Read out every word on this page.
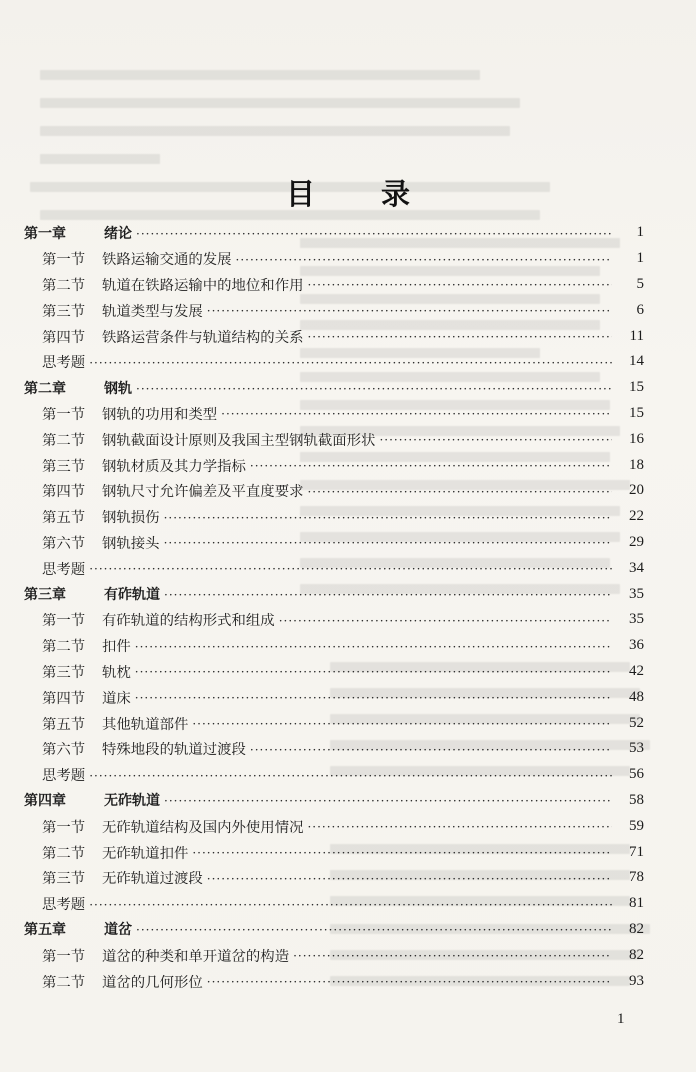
目 录
第一章	绪论 ·····	1
第一节	铁路运输交通的发展 ·····	1
第二节	轨道在铁路运输中的地位和作用 ·····	5
第三节	轨道类型与发展 ·····	6
第四节	铁路运营条件与轨道结构的关系 ·····	11
思考题 ·····	14
第二章	钢轨 ·····	15
第一节	钢轨的功用和类型 ·····	15
第二节	钢轨截面设计原则及我国主型钢轨截面形状 ·····	16
第三节	钢轨材质及其力学指标 ·····	18
第四节	钢轨尺寸允许偏差及平直度要求 ·····	20
第五节	钢轨损伤 ·····	22
第六节	钢轨接头 ·····	29
思考题 ·····	34
第三章	有砟轨道 ·····	35
第一节	有砟轨道的结构形式和组成 ·····	35
第二节	扣件 ·····	36
第三节	轨枕 ·····	42
第四节	道床 ·····	48
第五节	其他轨道部件 ·····	52
第六节	特殊地段的轨道过渡段 ·····	53
思考题 ·····	56
第四章	无砟轨道 ·····	58
第一节	无砟轨道结构及国内外使用情况 ·····	59
第二节	无砟轨道扣件 ·····	71
第三节	无砟轨道过渡段 ·····	78
思考题 ·····	81
第五章	道岔 ·····	82
第一节	道岔的种类和单开道岔的构造 ·····	82
第二节	道岔的几何形位 ·····	93
1
